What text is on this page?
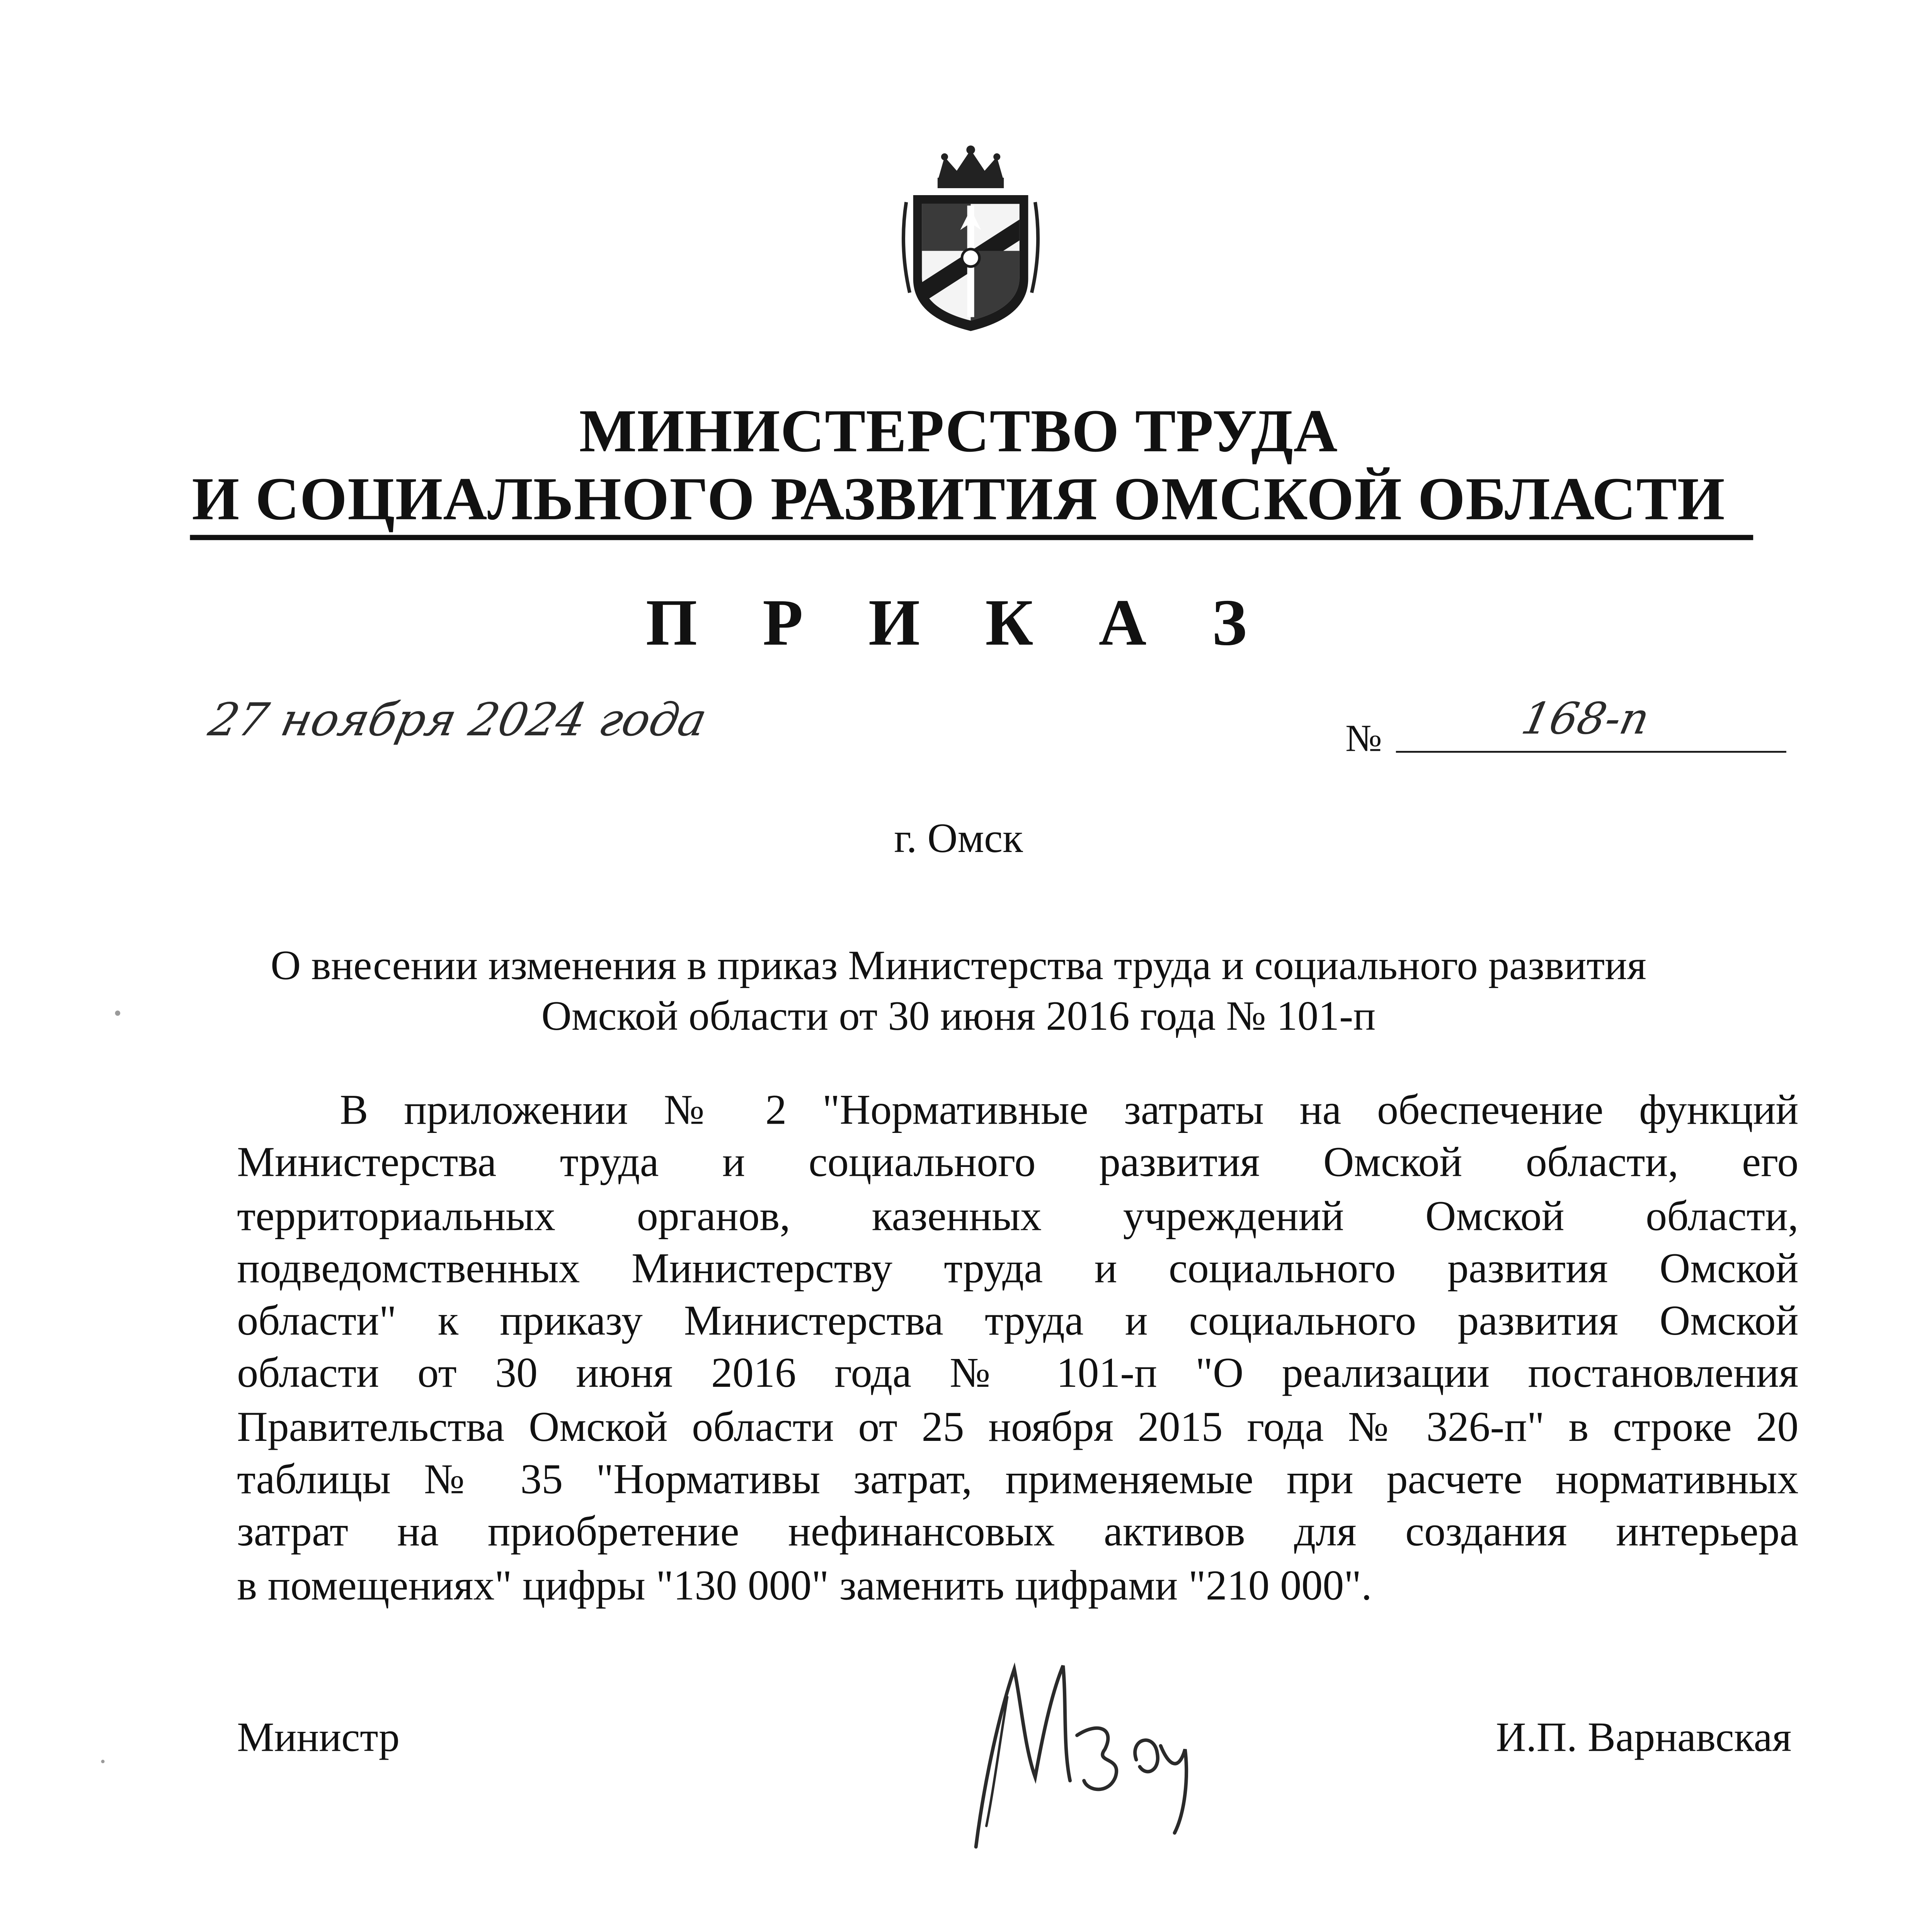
МИНИСТЕРСТВО ТРУДА
И СОЦИАЛЬНОГО РАЗВИТИЯ ОМСКОЙ ОБЛАСТИ
П Р И К А З
27 ноября 2024 года	№	168-п
г. Омск
О внесении изменения в приказ Министерства труда и социального развития
Омской области от 30 июня 2016 года № 101-п
В приложении № 2 "Нормативные затраты на обеспечение функций
Министерства труда и социального развития Омской области, его
территориальных органов, казенных учреждений Омской области,
подведомственных Министерству труда и социального развития Омской
области" к приказу Министерства труда и социального развития Омской
области от 30 июня 2016 года № 101-п "О реализации постановления
Правительства Омской области от 25 ноября 2015 года № 326-п" в строке 20
таблицы № 35 "Нормативы затрат, применяемые при расчете нормативных
затрат на приобретение нефинансовых активов для создания интерьера
в помещениях" цифры "130 000" заменить цифрами "210 000".
Министр	И.П. Варнавская
